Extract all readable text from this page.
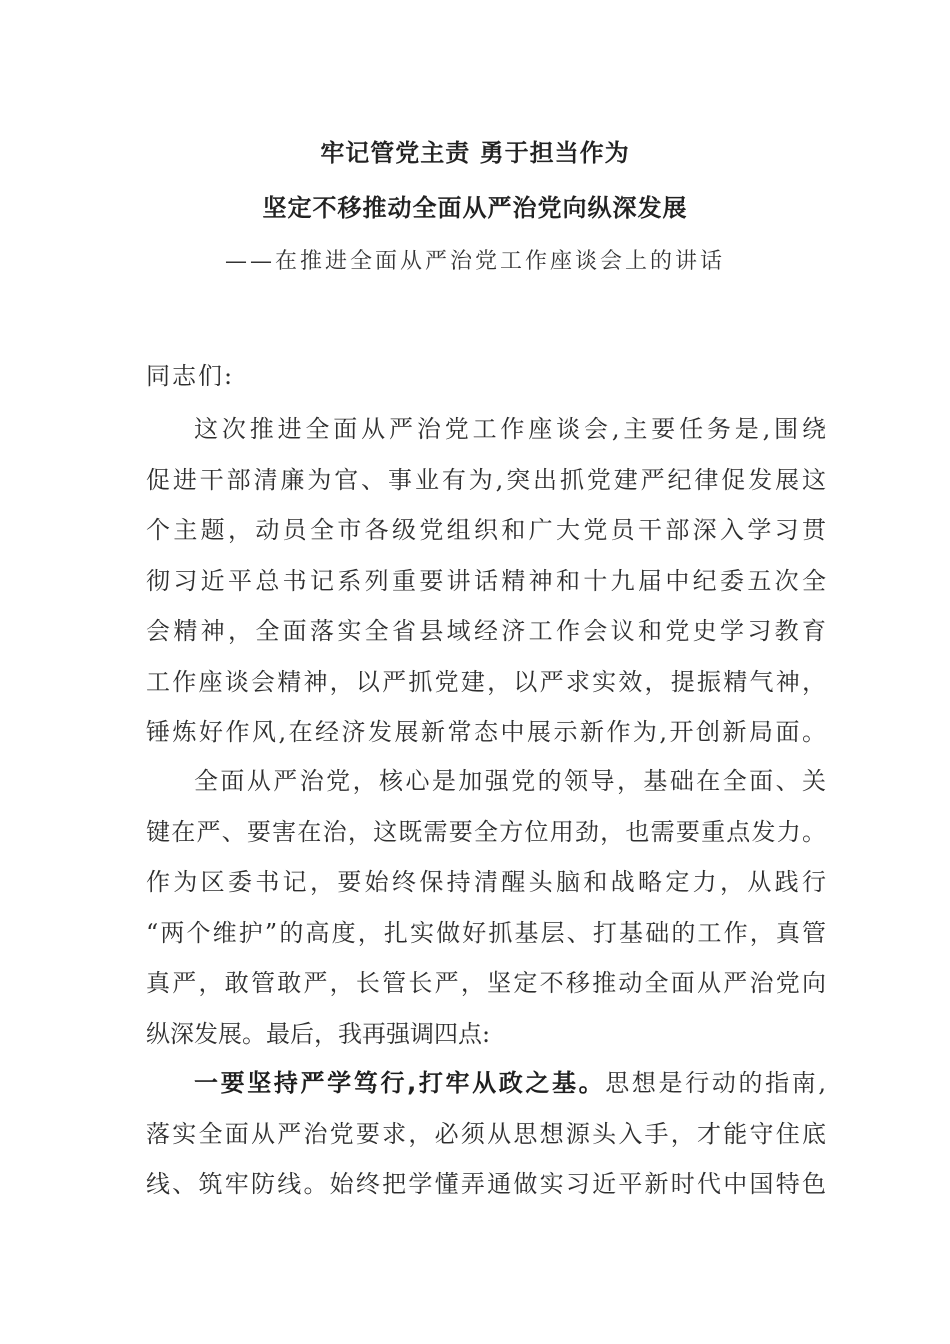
牢记管党主责 勇于担当作为
坚定不移推动全面从严治党向纵深发展
——在推进全面从严治党工作座谈会上的讲话
同志们:
这次推进全面从严治党工作座谈会,主要任务是,围绕
促进干部清廉为官、事业有为,突出抓党建严纪律促发展这
个主题，动员全市各级党组织和广大党员干部深入学习贯
彻习近平总书记系列重要讲话精神和十九届中纪委五次全
会精神，全面落实全省县域经济工作会议和党史学习教育
工作座谈会精神，以严抓党建，以严求实效，提振精气神，
锤炼好作风,在经济发展新常态中展示新作为,开创新局面。
全面从严治党，核心是加强党的领导，基础在全面、关
键在严、要害在治，这既需要全方位用劲，也需要重点发力。
作为区委书记，要始终保持清醒头脑和战略定力，从践行
“两个维护”的高度，扎实做好抓基层、打基础的工作，真管
真严，敢管敢严，长管长严，坚定不移推动全面从严治党向
纵深发展。最后，我再强调四点:
一要坚持严学笃行,打牢从政之基。思想是行动的指南,
落实全面从严治党要求，必须从思想源头入手，才能守住底
线、筑牢防线。始终把学懂弄通做实习近平新时代中国特色
